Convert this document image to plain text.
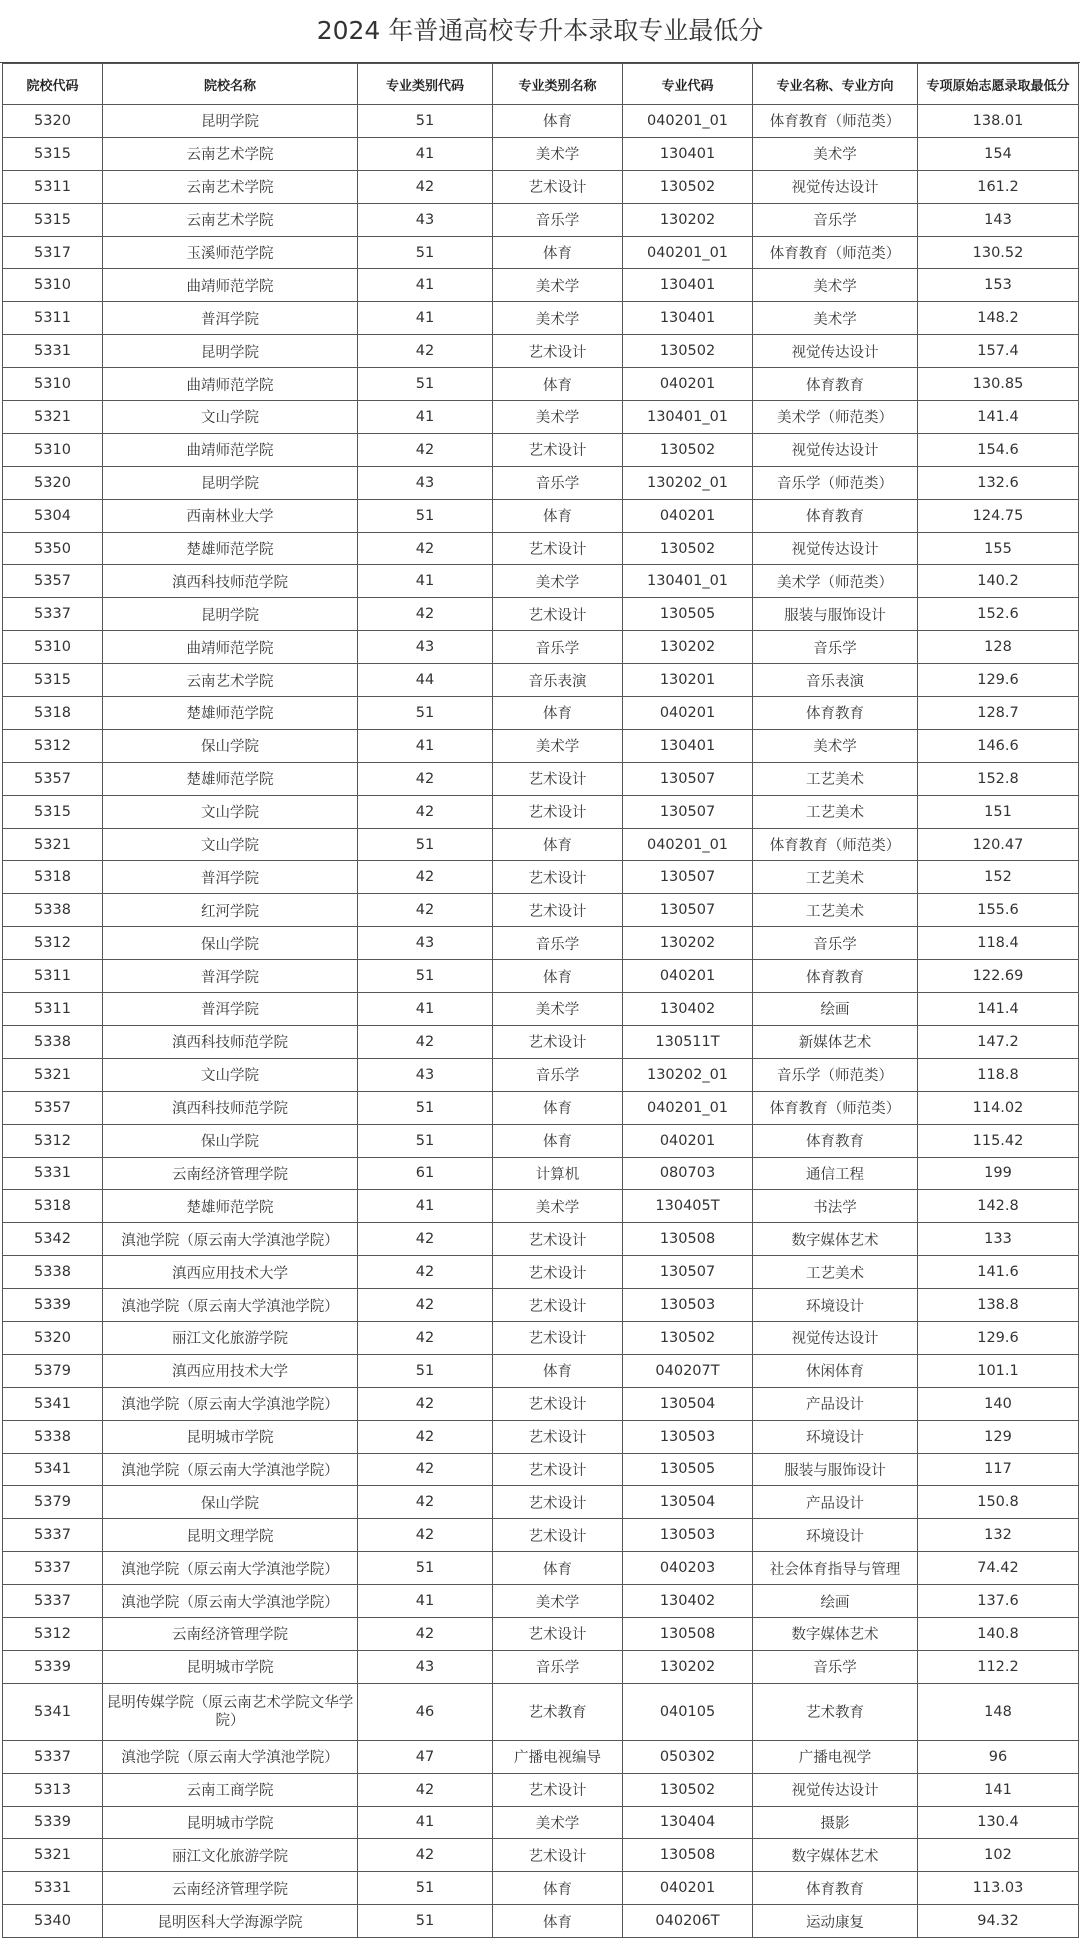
2024 年普通高校专升本录取专业最低分
院校代码	院校名称	专业类别代码	专业类别名称	专业代码	专业名称、专业方向	专项原始志愿录取最低分
5320	昆明学院	51	体育	040201_01	体育教育（师范类）	138.01
5315	云南艺术学院	41	美术学	130401	美术学	154
5311	云南艺术学院	42	艺术设计	130502	视觉传达设计	161.2
5315	云南艺术学院	43	音乐学	130202	音乐学	143
5317	玉溪师范学院	51	体育	040201_01	体育教育（师范类）	130.52
5310	曲靖师范学院	41	美术学	130401	美术学	153
5311	普洱学院	41	美术学	130401	美术学	148.2
5331	昆明学院	42	艺术设计	130502	视觉传达设计	157.4
5310	曲靖师范学院	51	体育	040201	体育教育	130.85
5321	文山学院	41	美术学	130401_01	美术学（师范类）	141.4
5310	曲靖师范学院	42	艺术设计	130502	视觉传达设计	154.6
5320	昆明学院	43	音乐学	130202_01	音乐学（师范类）	132.6
5304	西南林业大学	51	体育	040201	体育教育	124.75
5350	楚雄师范学院	42	艺术设计	130502	视觉传达设计	155
5357	滇西科技师范学院	41	美术学	130401_01	美术学（师范类）	140.2
5337	昆明学院	42	艺术设计	130505	服装与服饰设计	152.6
5310	曲靖师范学院	43	音乐学	130202	音乐学	128
5315	云南艺术学院	44	音乐表演	130201	音乐表演	129.6
5318	楚雄师范学院	51	体育	040201	体育教育	128.7
5312	保山学院	41	美术学	130401	美术学	146.6
5357	楚雄师范学院	42	艺术设计	130507	工艺美术	152.8
5315	文山学院	42	艺术设计	130507	工艺美术	151
5321	文山学院	51	体育	040201_01	体育教育（师范类）	120.47
5318	普洱学院	42	艺术设计	130507	工艺美术	152
5338	红河学院	42	艺术设计	130507	工艺美术	155.6
5312	保山学院	43	音乐学	130202	音乐学	118.4
5311	普洱学院	51	体育	040201	体育教育	122.69
5311	普洱学院	41	美术学	130402	绘画	141.4
5338	滇西科技师范学院	42	艺术设计	130511T	新媒体艺术	147.2
5321	文山学院	43	音乐学	130202_01	音乐学（师范类）	118.8
5357	滇西科技师范学院	51	体育	040201_01	体育教育（师范类）	114.02
5312	保山学院	51	体育	040201	体育教育	115.42
5331	云南经济管理学院	61	计算机	080703	通信工程	199
5318	楚雄师范学院	41	美术学	130405T	书法学	142.8
5342	滇池学院（原云南大学滇池学院）	42	艺术设计	130508	数字媒体艺术	133
5338	滇西应用技术大学	42	艺术设计	130507	工艺美术	141.6
5339	滇池学院（原云南大学滇池学院）	42	艺术设计	130503	环境设计	138.8
5320	丽江文化旅游学院	42	艺术设计	130502	视觉传达设计	129.6
5379	滇西应用技术大学	51	体育	040207T	休闲体育	101.1
5341	滇池学院（原云南大学滇池学院）	42	艺术设计	130504	产品设计	140
5338	昆明城市学院	42	艺术设计	130503	环境设计	129
5341	滇池学院（原云南大学滇池学院）	42	艺术设计	130505	服装与服饰设计	117
5379	保山学院	42	艺术设计	130504	产品设计	150.8
5337	昆明文理学院	42	艺术设计	130503	环境设计	132
5337	滇池学院（原云南大学滇池学院）	51	体育	040203	社会体育指导与管理	74.42
5337	滇池学院（原云南大学滇池学院）	41	美术学	130402	绘画	137.6
5312	云南经济管理学院	42	艺术设计	130508	数字媒体艺术	140.8
5339	昆明城市学院	43	音乐学	130202	音乐学	112.2
5341	昆明传媒学院（原云南艺术学院文华学院）	46	艺术教育	040105	艺术教育	148
5337	滇池学院（原云南大学滇池学院）	47	广播电视编导	050302	广播电视学	96
5313	云南工商学院	42	艺术设计	130502	视觉传达设计	141
5339	昆明城市学院	41	美术学	130404	摄影	130.4
5321	丽江文化旅游学院	42	艺术设计	130508	数字媒体艺术	102
5331	云南经济管理学院	51	体育	040201	体育教育	113.03
5340	昆明医科大学海源学院	51	体育	040206T	运动康复	94.32
